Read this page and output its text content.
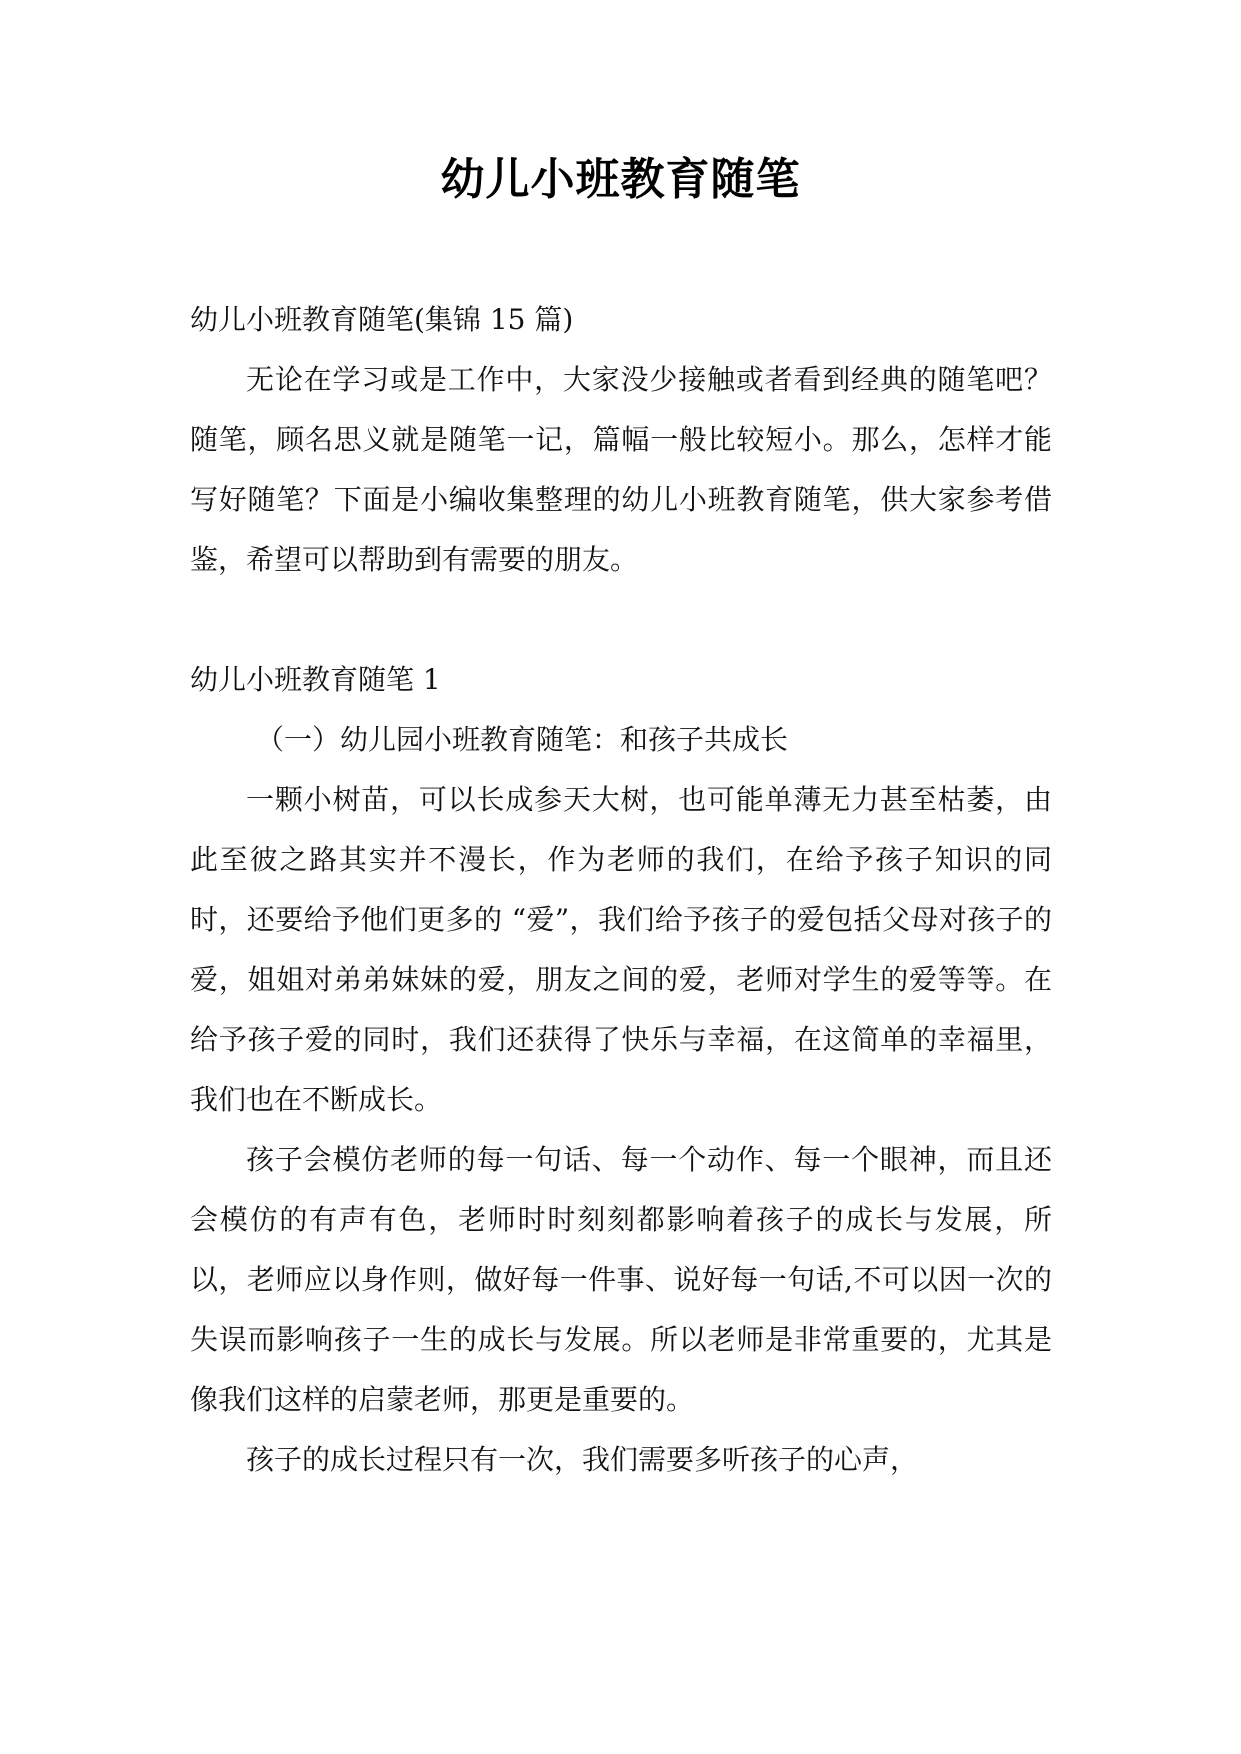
幼儿小班教育随笔

幼儿小班教育随笔(集锦 15 篇)

无论在学习或是工作中，大家没少接触或者看到经典的随笔吧？随笔，顾名思义就是随笔一记，篇幅一般比较短小。那么，怎样才能写好随笔？下面是小编收集整理的幼儿小班教育随笔，供大家参考借鉴，希望可以帮助到有需要的朋友。

幼儿小班教育随笔 1

（一）幼儿园小班教育随笔：和孩子共成长

一颗小树苗，可以长成参天大树，也可能单薄无力甚至枯萎，由此至彼之路其实并不漫长，作为老师的我们，在给予孩子知识的同时，还要给予他们更多的 “爱”，我们给予孩子的爱包括父母对孩子的爱，姐姐对弟弟妹妹的爱，朋友之间的爱，老师对学生的爱等等。在给予孩子爱的同时，我们还获得了快乐与幸福，在这简单的幸福里，我们也在不断成长。

孩子会模仿老师的每一句话、每一个动作、每一个眼神，而且还会模仿的有声有色，老师时时刻刻都影响着孩子的成长与发展，所以，老师应以身作则，做好每一件事、说好每一句话,不可以因一次的失误而影响孩子一生的成长与发展。所以老师是非常重要的，尤其是像我们这样的启蒙老师，那更是重要的。

孩子的成长过程只有一次，我们需要多听孩子的心声，
